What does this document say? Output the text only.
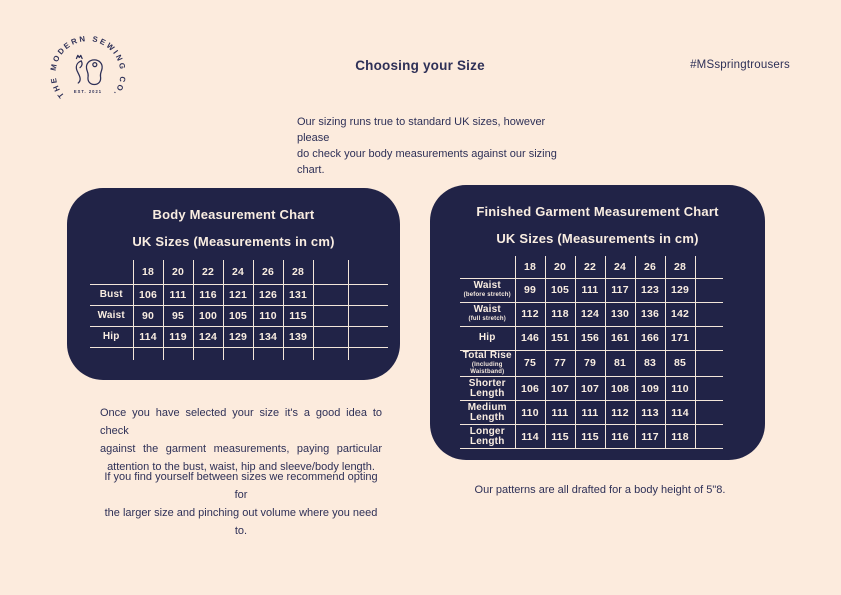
THE MODERN SEWING CO.
EST. 2021
Choosing your Size	#MSspringtrousers
Our sizing runs true to standard UK sizes, however please
do check your body measurements against our sizing chart.
Body Measurement Chart
UK Sizes (Measurements in cm)
	18	20	22	24	26	28		

Bust	106	111	116	121	126	131		

Waist	90	95	100	105	110	115		

Hip	114	119	124	129	134	139		

Finished Garment Measurement Chart
UK Sizes (Measurements in cm)
	18	20	22	24	26	28	

Waist
(before stretch)	99	105	111	117	123	129	

Waist
(full stretch)	112	118	124	130	136	142	

Hip	146	151	156	161	166	171	

Total Rise
(Including Waistband)	75	77	79	81	83	85	

Shorter Length	106	107	107	108	109	110	

Medium Length	110	111	111	112	113	114	

Longer Length	114	115	115	116	117	118	
Once you have selected your size it's a good idea to check
against the garment measurements, paying particular
attention to the bust, waist, hip and sleeve/body length.
If you find yourself between sizes we recommend opting for
the larger size and pinching out volume where you need to.
Our patterns are all drafted for a body height of 5"8.
